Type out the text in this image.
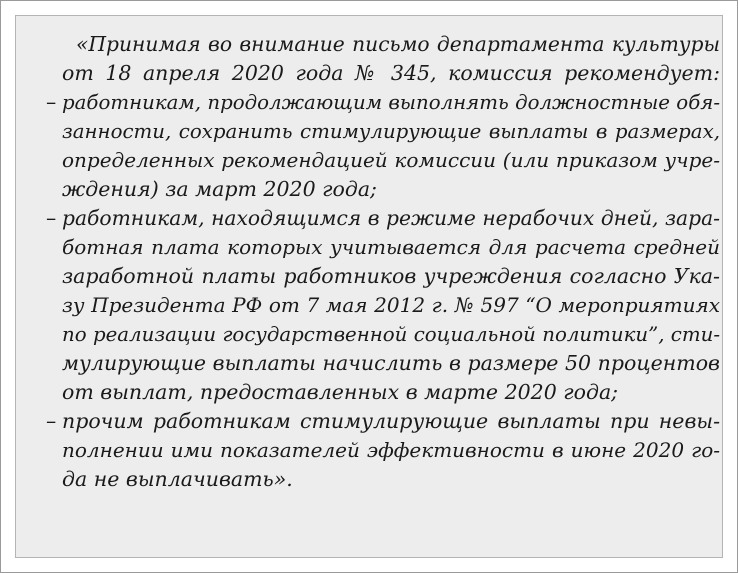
«Принимая во внимание письмо департамента культуры
от 18 апреля 2020 года № 345, комиссия рекомендует:
– работникам, продолжающим выполнять должностные обя-
занности, сохранить стимулирующие выплаты в размерах,
определенных рекомендацией комиссии (или приказом учре-
ждения) за март 2020 года;
– работникам, находящимся в режиме нерабочих дней, зара-
ботная плата которых учитывается для расчета средней
заработной платы работников учреждения согласно Ука-
зу Президента РФ от 7 мая 2012 г. № 597 “О мероприятиях
по реализации государственной социальной политики”, сти-
мулирующие выплаты начислить в размере 50 процентов
от выплат, предоставленных в марте 2020 года;
– прочим работникам стимулирующие выплаты при невы-
полнении ими показателей эффективности в июне 2020 го-
да не выплачивать».
